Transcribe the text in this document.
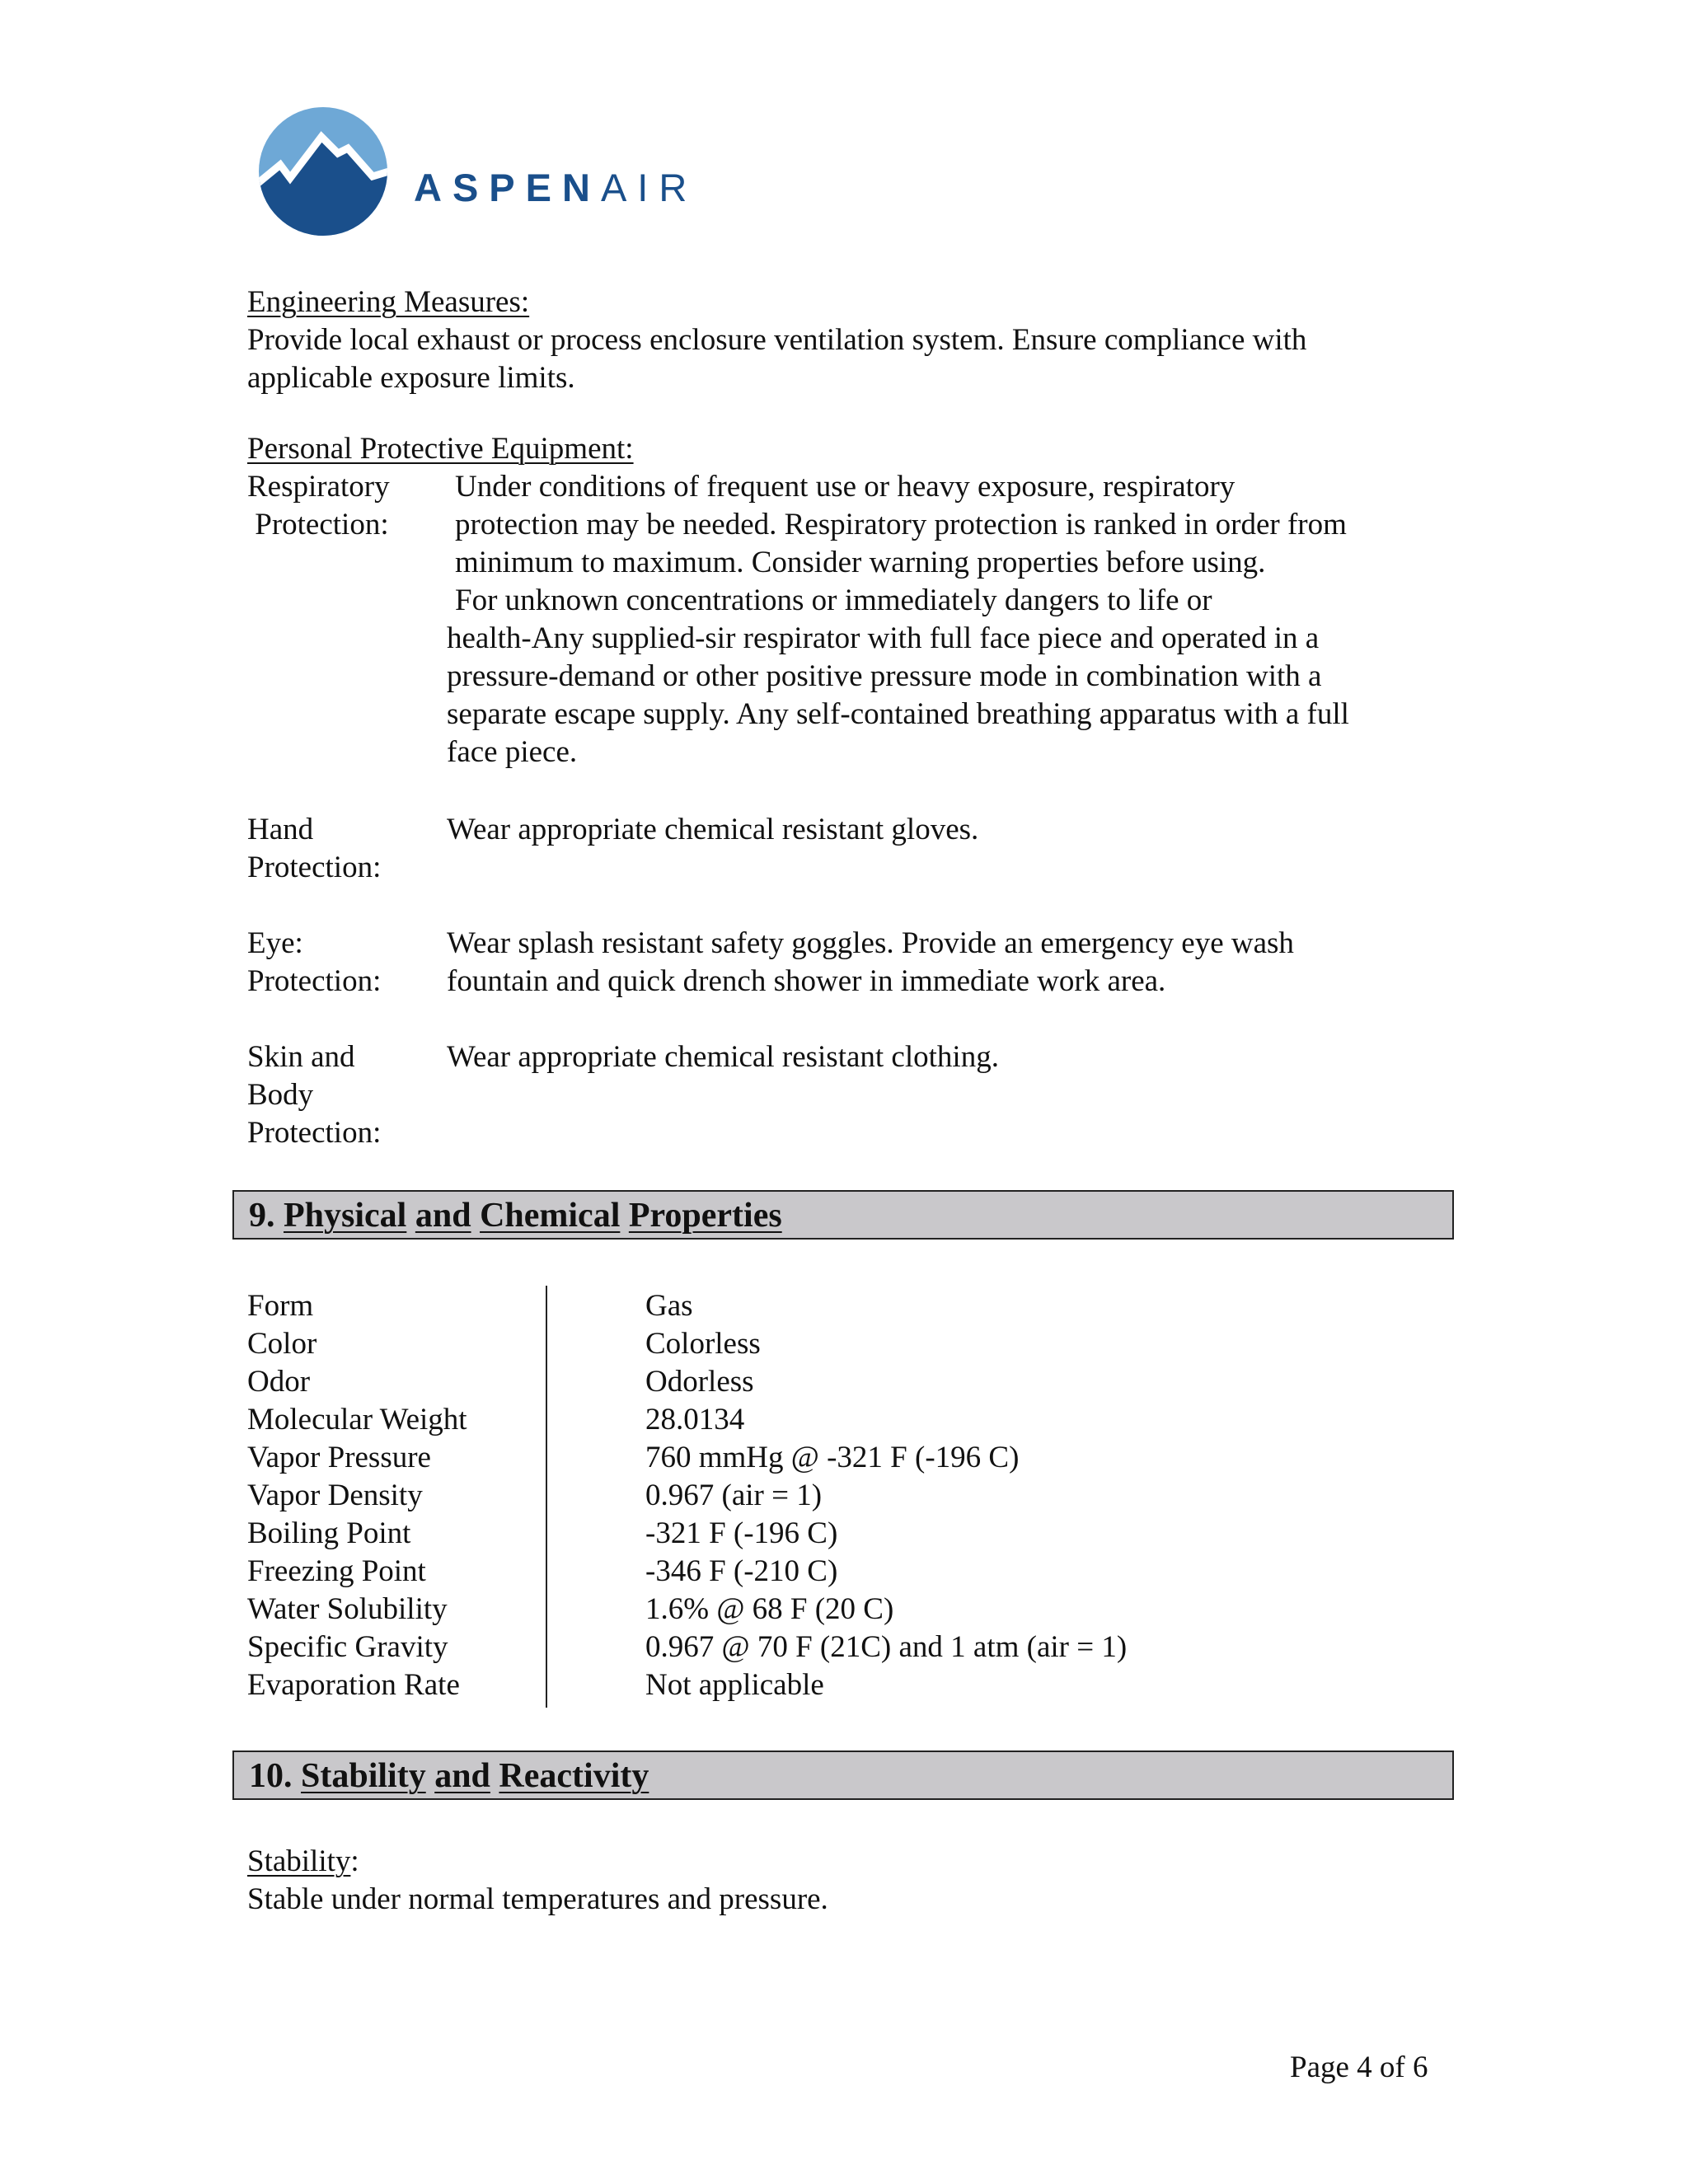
ASPENAIR
Engineering Measures:
Provide local exhaust or process enclosure ventilation system. Ensure compliance with
applicable exposure limits.
Personal Protective Equipment:
Respiratory
Protection:
Under conditions of frequent use or heavy exposure, respiratory
protection may be needed. Respiratory protection is ranked in order from
minimum to maximum. Consider warning properties before using.
For unknown concentrations or immediately dangers to life or
health-Any supplied-sir respirator with full face piece and operated in a
pressure-demand or other positive pressure mode in combination with a
separate escape supply. Any self-contained breathing apparatus with a full
face piece.
Hand
Protection:
Wear appropriate chemical resistant gloves.
Eye:
Protection:
Wear splash resistant safety goggles. Provide an emergency eye wash
fountain and quick drench shower in immediate work area.
Skin and
Body
Protection:
Wear appropriate chemical resistant clothing.
9. Physical and Chemical Properties
Form	Gas
Color	Colorless
Odor	Odorless
Molecular Weight	28.0134
Vapor Pressure	760 mmHg @ -321 F (-196 C)
Vapor Density	0.967 (air = 1)
Boiling Point	-321 F (-196 C)
Freezing Point	-346 F (-210 C)
Water Solubility	1.6% @ 68 F (20 C)
Specific Gravity	0.967 @ 70 F (21C) and 1 atm (air = 1)
Evaporation Rate	Not applicable
10. Stability and Reactivity
Stability:
Stable under normal temperatures and pressure.
Page 4 of 6
